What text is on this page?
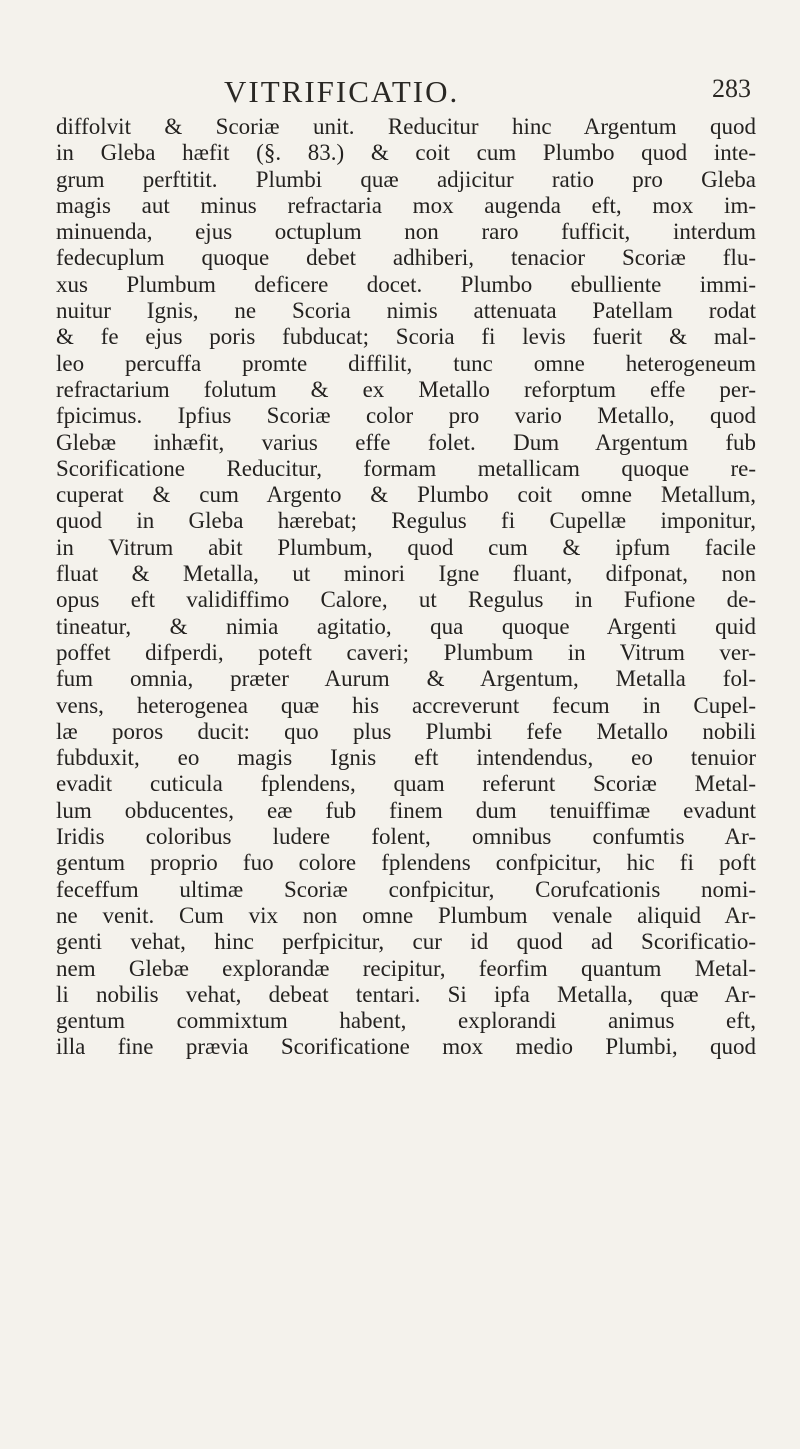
VITRIFICATIO.	283
diffolvit & Scoriæ unit. Reducitur hinc Argentum quod
in Gleba hæfit (§. 83.) & coit cum Plumbo quod inte-
grum perftitit. Plumbi quæ adjicitur ratio pro Gleba
magis aut minus refractaria mox augenda eft, mox im-
minuenda, ejus octuplum non raro fufficit, interdum
fedecuplum quoque debet adhiberi, tenacior Scoriæ flu-
xus Plumbum deficere docet. Plumbo ebulliente immi-
nuitur Ignis, ne Scoria nimis attenuata Patellam rodat
& fe ejus poris fubducat; Scoria fi levis fuerit & mal-
leo percuffa promte diffilit, tunc omne heterogeneum
refractarium folutum & ex Metallo reforptum effe per-
fpicimus. Ipfius Scoriæ color pro vario Metallo, quod
Glebæ inhæfit, varius effe folet. Dum Argentum fub
Scorificatione Reducitur, formam metallicam quoque re-
cuperat & cum Argento & Plumbo coit omne Metallum,
quod in Gleba hærebat; Regulus fi Cupellæ imponitur,
in Vitrum abit Plumbum, quod cum & ipfum facile
fluat & Metalla, ut minori Igne fluant, difponat, non
opus eft validiffimo Calore, ut Regulus in Fufione de-
tineatur, & nimia agitatio, qua quoque Argenti quid
poffet difperdi, poteft caveri; Plumbum in Vitrum ver-
fum omnia, præter Aurum & Argentum, Metalla fol-
vens, heterogenea quæ his accreverunt fecum in Cupel-
læ poros ducit: quo plus Plumbi fefe Metallo nobili
fubduxit, eo magis Ignis eft intendendus, eo tenuior
evadit cuticula fplendens, quam referunt Scoriæ Metal-
lum obducentes, eæ fub finem dum tenuiffimæ evadunt
Iridis coloribus ludere folent, omnibus confumtis Ar-
gentum proprio fuo colore fplendens confpicitur, hic fi poft
feceffum ultimæ Scoriæ confpicitur, Corufcationis nomi-
ne venit. Cum vix non omne Plumbum venale aliquid Ar-
genti vehat, hinc perfpicitur, cur id quod ad Scorificatio-
nem Glebæ explorandæ recipitur, feorfim quantum Metal-
li nobilis vehat, debeat tentari. Si ipfa Metalla, quæ Ar-
gentum commixtum habent, explorandi animus eft,
illa fine prævia Scorificatione mox medio Plumbi, quod
